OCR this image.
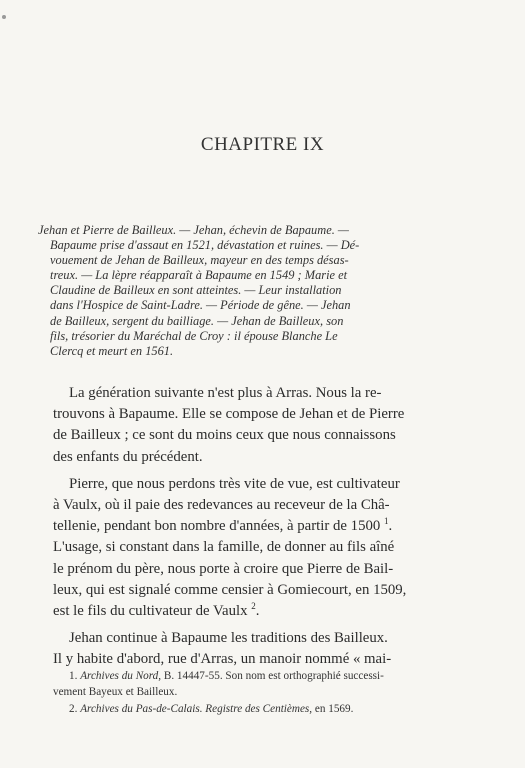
CHAPITRE IX
Jehan et Pierre de Bailleux. — Jehan, échevin de Bapaume. —
Bapaume prise d'assaut en 1521, dévastation et ruines. — Dé-
vouement de Jehan de Bailleux, mayeur en des temps désas-
treux. — La lèpre réapparaît à Bapaume en 1549 ; Marie et
Claudine de Bailleux en sont atteintes. — Leur installation
dans l'Hospice de Saint-Ladre. — Période de gêne. — Jehan
de Bailleux, sergent du bailliage. — Jehan de Bailleux, son
fils, trésorier du Maréchal de Croy : il épouse Blanche Le
Clercq et meurt en 1561.
La génération suivante n'est plus à Arras. Nous la re-
trouvons à Bapaume. Elle se compose de Jehan et de Pierre
de Bailleux ; ce sont du moins ceux que nous connaissons
des enfants du précédent.
Pierre, que nous perdons très vite de vue, est cultivateur
à Vaulx, où il paie des redevances au receveur de la Châ-
tellenie, pendant bon nombre d'années, à partir de 1500 $^1$.
L'usage, si constant dans la famille, de donner au fils aîné
le prénom du père, nous porte à croire que Pierre de Bail-
leux, qui est signalé comme censier à Gomiecourt, en 1509,
est le fils du cultivateur de Vaulx $^2$.
Jehan continue à Bapaume les traditions des Bailleux.
Il y habite d'abord, rue d'Arras, un manoir nommé « mai-
1. Archives du Nord, B. 14447-55. Son nom est orthographié successi-
vement Bayeux et Bailleux.
2. Archives du Pas-de-Calais. Registre des Centièmes, en 1569.
